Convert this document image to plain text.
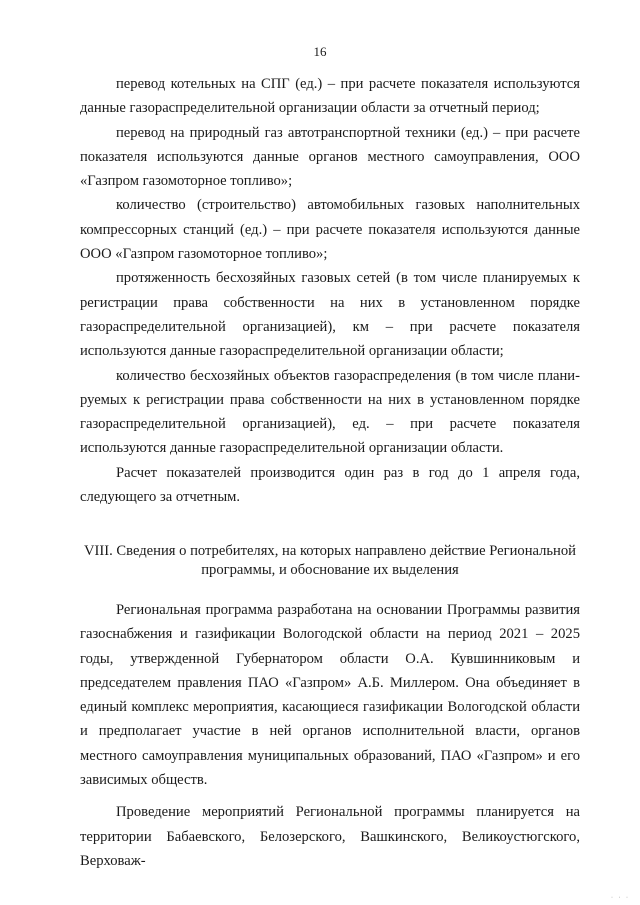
16

перевод котельных на СПГ (ед.) – при расчете показателя используются данные газораспределительной организации области за отчетный период;

перевод на природный газ автотранспортной техники (ед.) – при расчете показателя используются данные органов местного самоуправления, ООО «Газпром газомоторное топливо»;

количество (строительство) автомобильных газовых наполнительных компрессорных станций (ед.) – при расчете показателя используются данные ООО «Газпром газомоторное топливо»;

протяженность бесхозяйных газовых сетей (в том числе планируемых к регистрации права собственности на них в установленном порядке газораспределительной организацией), км – при расчете показателя используются данные газораспределительной организации области;

количество бесхозяйных объектов газораспределения (в том числе планируемых к регистрации права собственности на них в установленном порядке газораспределительной организацией), ед. – при расчете показателя используются данные газораспределительной организации области.

Расчет показателей производится один раз в год до 1 апреля года, следующего за отчетным.

VIII. Сведения о потребителях, на которых направлено действие Региональной программы, и обоснование их выделения

Региональная программа разработана на основании Программы развития газоснабжения и газификации Вологодской области на период 2021 – 2025 годы, утвержденной Губернатором области О.А. Кувшинниковым и председателем правления ПАО «Газпром» А.Б. Миллером. Она объединяет в единый комплекс мероприятия, касающиеся газификации Вологодской области и предполагает участие в ней органов исполнительной власти, органов местного самоуправления муниципальных образований, ПАО «Газпром» и его зависимых обществ.

Проведение мероприятий Региональной программы планируется на территории Бабаевского, Белозерского, Вашкинского, Великоустюгского, Верховаж-

· · ·
